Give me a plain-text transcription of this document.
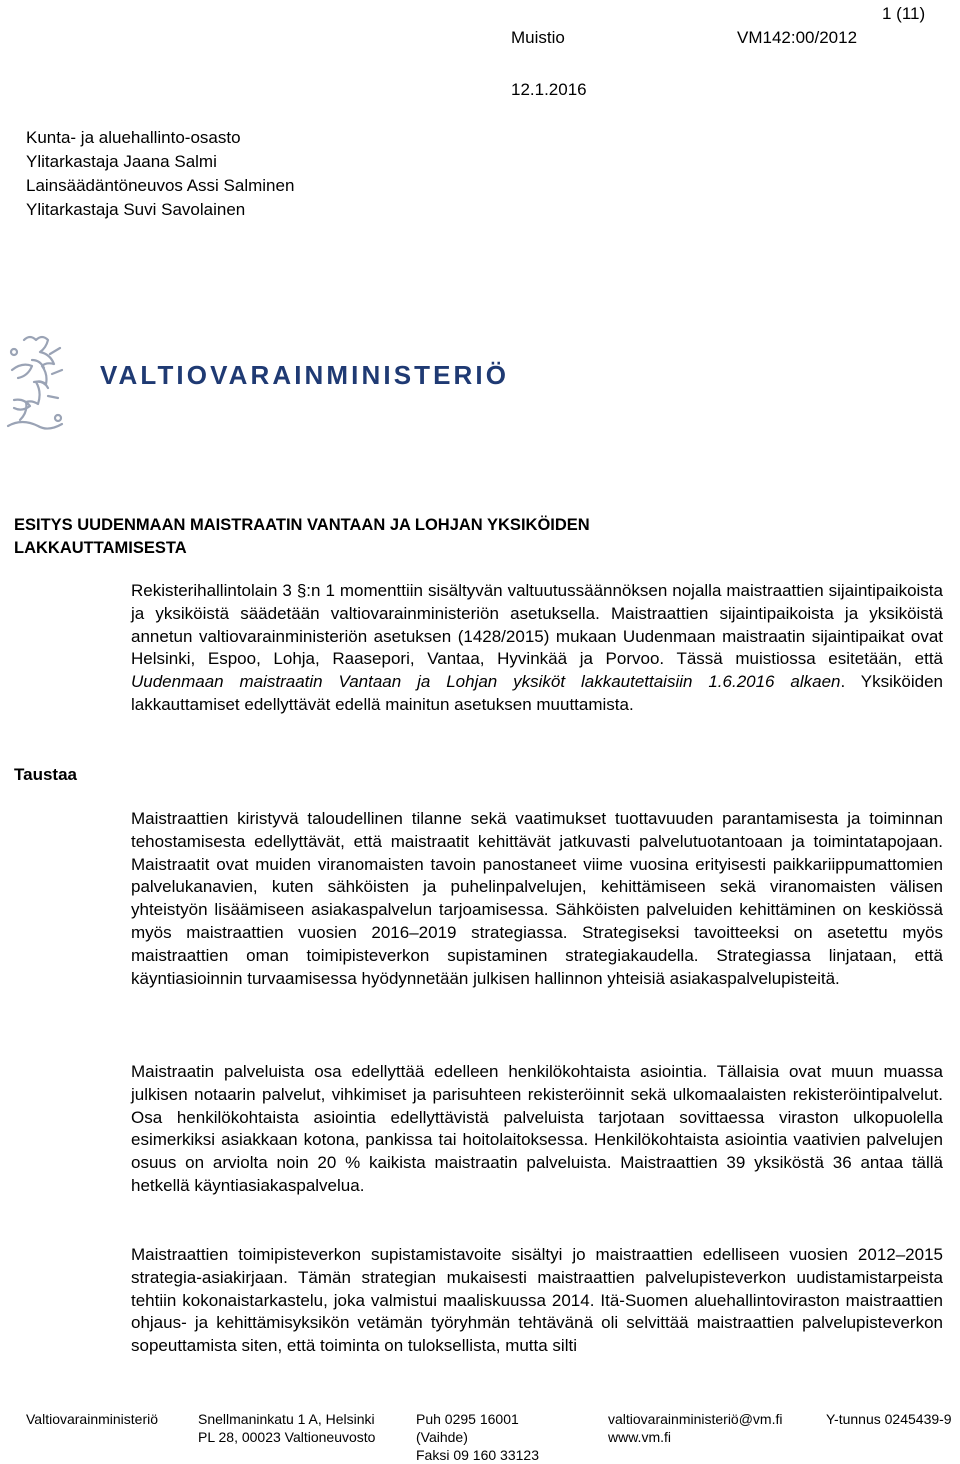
1 (11)
Muistio	VM142:00/2012
12.1.2016
Kunta- ja aluehallinto-osasto
Ylitarkastaja Jaana Salmi
Lainsäädäntöneuvos Assi Salminen
Ylitarkastaja Suvi Savolainen
VALTIOVARAINMINISTERIÖ
ESITYS UUDENMAAN MAISTRAATIN VANTAAN JA LOHJAN YKSIKÖIDEN
LAKKAUTTAMISESTA
Taustaa
Rekisterihallintolain 3 §:n 1 momenttiin sisältyvän valtuutussäännöksen nojalla maistraattien sijaintipaikoista ja yksiköistä säädetään valtiovarainministeriön asetuksella. Maistraattien sijaintipaikoista ja yksiköistä annetun valtiovarainministeriön asetuksen (1428/2015) mukaan Uudenmaan maistraatin sijaintipaikat ovat Helsinki, Espoo, Lohja, Raasepori, Vantaa, Hyvinkää ja Porvoo. Tässä muistiossa esitetään, että Uudenmaan maistraatin Vantaan ja Lohjan yksiköt lakkautettaisiin 1.6.2016 alkaen. Yksiköiden lakkauttamiset edellyttävät edellä mainitun asetuksen muuttamista.
Maistraattien kiristyvä taloudellinen tilanne sekä vaatimukset tuottavuuden parantamisesta ja toiminnan tehostamisesta edellyttävät, että maistraatit kehittävät jatkuvasti palvelutuotantoaan ja toimintatapojaan. Maistraatit ovat muiden viranomaisten tavoin panostaneet viime vuosina erityisesti paikkariippumattomien palvelukanavien, kuten sähköisten ja puhelinpalvelujen, kehittämiseen sekä viranomaisten välisen yhteistyön lisäämiseen asiakaspalvelun tarjoamisessa. Sähköisten palveluiden kehittäminen on keskiössä myös maistraattien vuosien 2016–2019 strategiassa. Strategiseksi tavoitteeksi on asetettu myös maistraattien oman toimipisteverkon supistaminen strategiakaudella. Strategiassa linjataan, että käyntiasioinnin turvaamisessa hyödynnetään julkisen hallinnon yhteisiä asiakaspalvelupisteitä.
Maistraatin palveluista osa edellyttää edelleen henkilökohtaista asiointia. Tällaisia ovat muun muassa julkisen notaarin palvelut, vihkimiset ja parisuhteen rekisteröinnit sekä ulkomaalaisten rekisteröintipalvelut. Osa henkilökohtaista asiointia edellyttävistä palveluista tarjotaan sovittaessa viraston ulkopuolella esimerkiksi asiakkaan kotona, pankissa tai hoitolaitoksessa. Henkilökohtaista asiointia vaativien palvelujen osuus on arviolta noin 20 % kaikista maistraatin palveluista. Maistraattien 39 yksiköstä 36 antaa tällä hetkellä käyntiasiakaspalvelua.
Maistraattien toimipisteverkon supistamistavoite sisältyi jo maistraattien edelliseen vuosien 2012–2015 strategia-asiakirjaan. Tämän strategian mukaisesti maistraattien palvelupisteverkon uudistamistarpeista tehtiin kokonaistarkastelu, joka valmistui maaliskuussa 2014. Itä-Suomen aluehallintoviraston maistraattien ohjaus- ja kehittämisyksikön vetämän työryhmän tehtävänä oli selvittää maistraattien palvelupisteverkon sopeuttamista siten, että toiminta on tuloksellista, mutta silti
Valtiovarainministeriö	Snellmaninkatu 1 A, Helsinki
PL 28, 00023 Valtioneuvosto
Puh 0295 16001
(Vaihde)
Faksi 09 160 33123
valtiovarainministeriö@vm.fi
www.vm.fi
Y-tunnus 0245439-9
